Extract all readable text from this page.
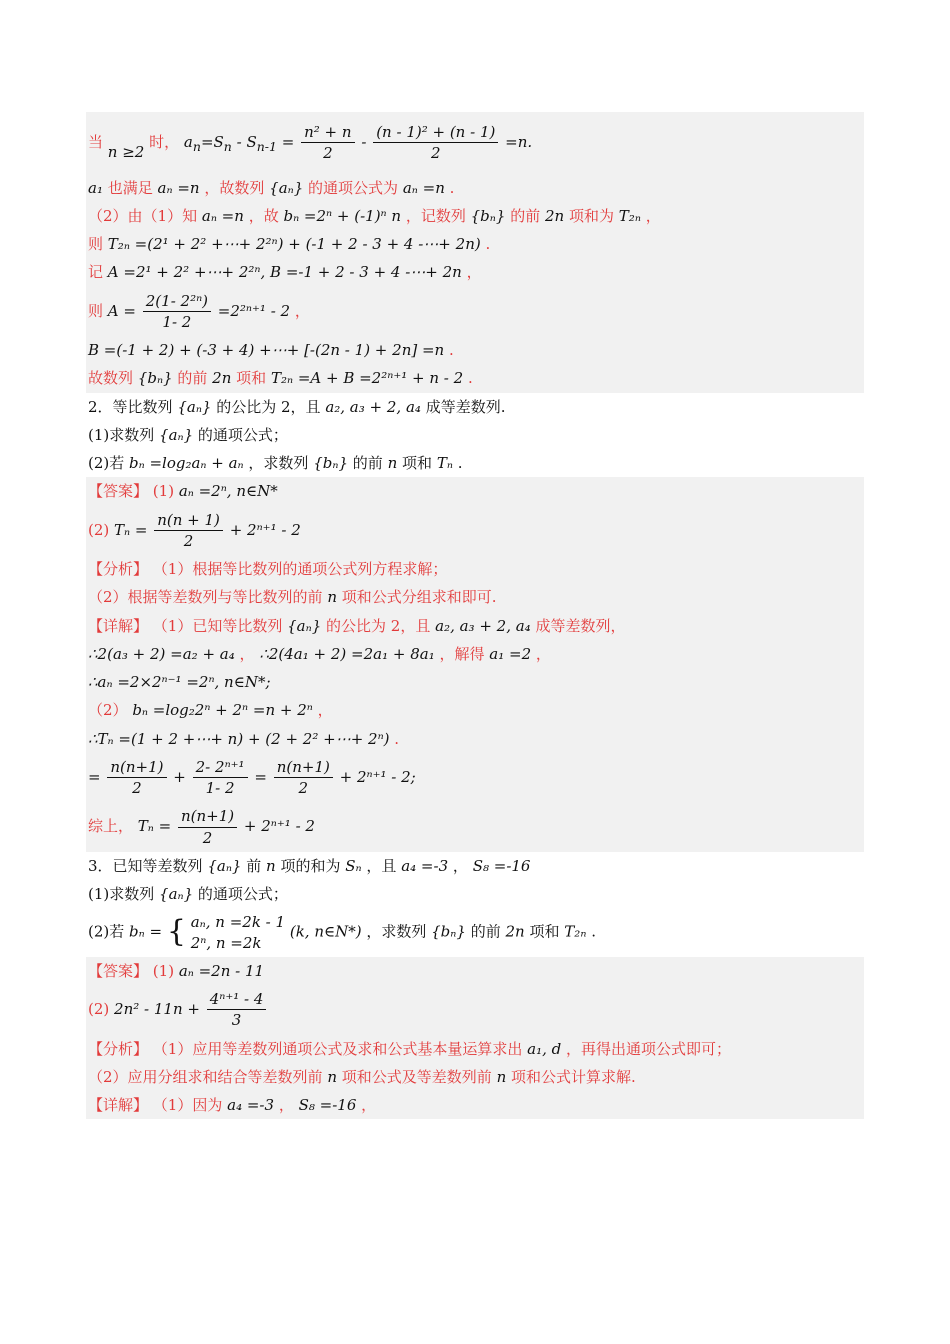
当 n ≥2 时， $a_n=S_n - S_{n-1} = \frac{\text{n² + n}}{2} - \frac{\text{(n - 1)² + (n - 1)}}{2} =n$.
a₁ 也满足 aₙ =n ，故数列 {aₙ} 的通项公式为 aₙ =n .
（2）由（1）知 aₙ =n ，故 bₙ =2ⁿ + (-1)ⁿ n ，记数列 {bₙ} 的前 2n 项和为 T₂ₙ ，
则 T₂ₙ =(2¹ + 2² +⋯+ 2²ⁿ) + (-1 + 2 - 3 + 4 -⋯+ 2n) .
记 A =2¹ + 2² +⋯+ 2²ⁿ, B =-1 + 2 - 3 + 4 -⋯+ 2n ，
则 $A = \frac{\text{2(1- 2²ⁿ)}}{1- 2} =2^{2n+1} - 2$ ，
B =(-1 + 2) + (-3 + 4) +⋯+ [-(2n - 1) + 2n] =n .
故数列 {bₙ} 的前 2n 项和 T₂ₙ =A + B =2²ⁿ⁺¹ + n - 2 .
2．等比数列 {aₙ} 的公比为 2，且 a₂, a₃ + 2, a₄ 成等差数列.
(1)求数列 {aₙ} 的通项公式；
(2)若 bₙ =log₂aₙ + aₙ ，求数列 {bₙ} 的前 n 项和 Tₙ .
【答案】 (1) aₙ =2ⁿ, n∈N*
(2) $T_n = \frac{n(n + 1)}{2} + 2^{n+1} - 2$
【分析】 （1）根据等比数列的通项公式列方程求解；
（2）根据等差数列与等比数列的前 n 项和公式分组求和即可.
【详解】 （1）已知等比数列 {aₙ} 的公比为 2，且 a₂, a₃ + 2, a₄ 成等差数列，
∴2(a₃ + 2) =a₂ + a₄ ， ∴2(4a₁ + 2) =2a₁ + 8a₁ ，解得 a₁ =2 ，
∴aₙ =2×2ⁿ⁻¹ =2ⁿ, n∈N*;
（2） bₙ =log₂2ⁿ + 2ⁿ =n + 2ⁿ ，
∴Tₙ =(1 + 2 +⋯+ n) + (2 + 2² +⋯+ 2ⁿ) .
= $\frac{n(n+1)}{2} + \frac{\text{2- 2ⁿ⁺¹}}{1- 2} = \frac{n(n+1)}{2} + 2^{n+1} - 2$;
综上， $T_n = \frac{n(n+1)}{2} + 2^{n+1} - 2$
3．已知等差数列 {aₙ} 前 n 项的和为 Sₙ ，且 a₄ =-3 ， S₈ =-16
(1)求数列 {aₙ} 的通项公式；
(2)若 bₙ = { aₙ, n =2k - 1
2ⁿ, n =2k
(k, n∈N*) ，求数列 {bₙ} 的前 2n 项和 T₂ₙ .
【答案】 (1) aₙ =2n - 11
(2) $2n^2 - 11n + \frac{\text{4ⁿ⁺¹ - 4}}{3}$
【分析】 （1）应用等差数列通项公式及求和公式基本量运算求出 a₁, d ，再得出通项公式即可；
（2）应用分组求和结合等差数列前 n 项和公式及等差数列前 n 项和公式计算求解.
【详解】 （1）因为 a₄ =-3 ， S₈ =-16 ，
